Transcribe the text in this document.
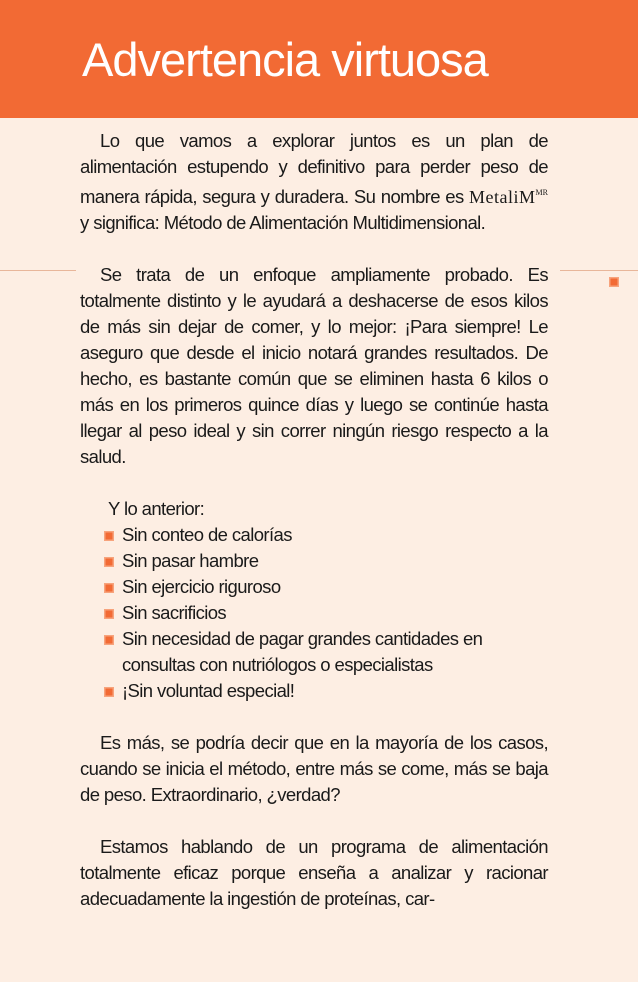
Advertencia virtuosa

Lo que vamos a explorar juntos es un plan de alimentación estupendo y definitivo para perder peso de manera rápida, segura y duradera. Su nombre es MetaliM$^{MR}$ y significa: Método de Alimentación Multidimensional.

Se trata de un enfoque ampliamente probado. Es totalmente distinto y le ayudará a deshacerse de esos kilos de más sin dejar de comer, y lo mejor: ¡Para siempre! Le aseguro que desde el inicio notará grandes resultados. De hecho, es bastante común que se eliminen hasta 6 kilos o más en los primeros quince días y luego se continúe hasta llegar al peso ideal y sin correr ningún riesgo respecto a la salud.

Y lo anterior:

Sin conteo de calorías
Sin pasar hambre
Sin ejercicio riguroso
Sin sacrificios
Sin necesidad de pagar grandes cantidades en consultas con nutriólogos o especialistas
¡Sin voluntad especial!

Es más, se podría decir que en la mayoría de los casos, cuando se inicia el método, entre más se come, más se baja de peso. Extraordinario, ¿verdad?

Estamos hablando de un programa de alimentación totalmente eficaz porque enseña a analizar y racionar adecuadamente la ingestión de proteínas, car-
